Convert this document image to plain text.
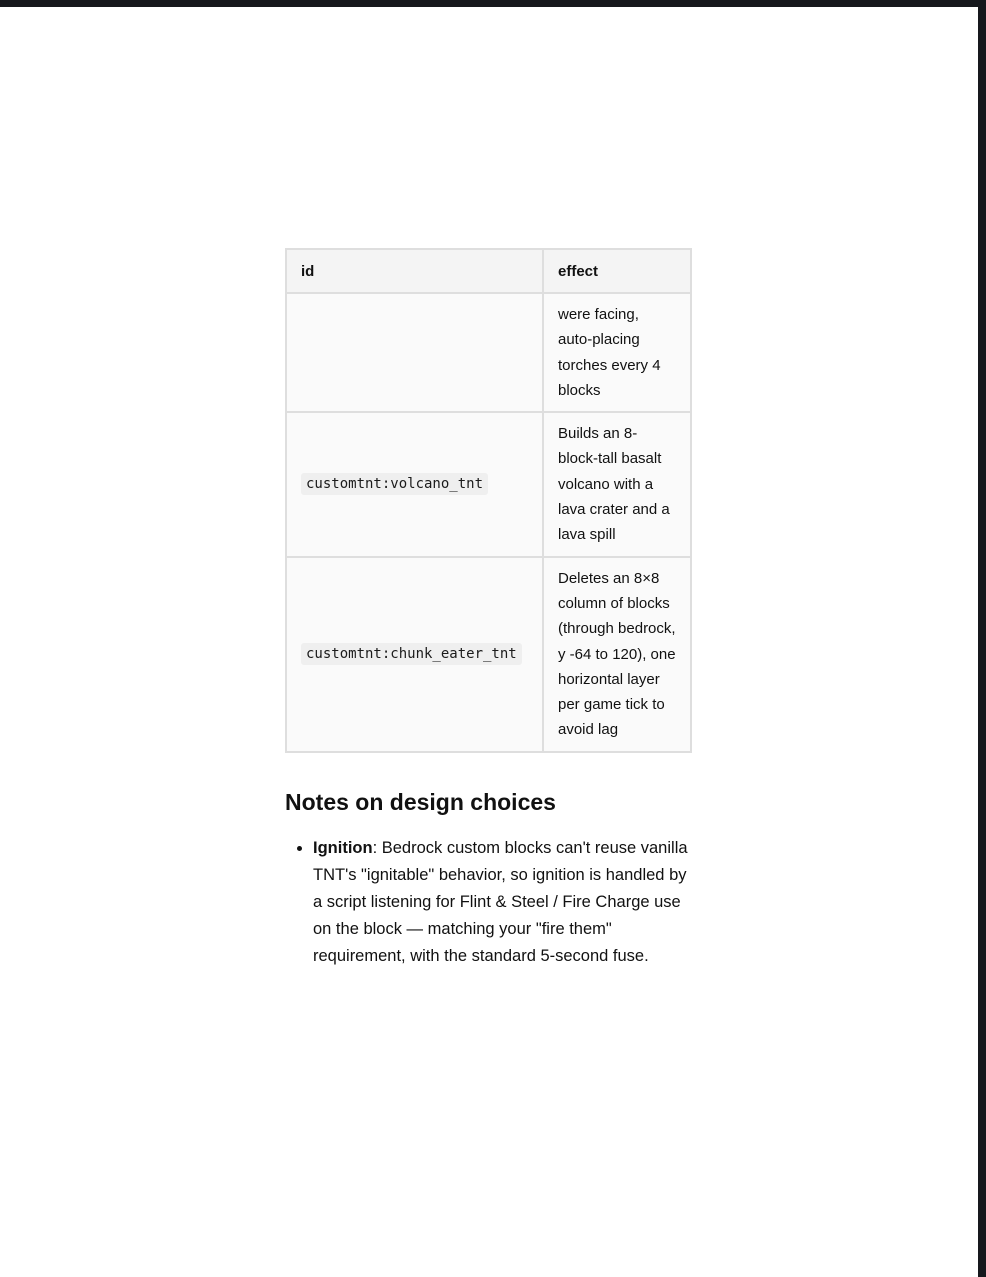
id	effect
	were facing, auto-placing torches every 4 blocks
customtnt:volcano_tnt	Builds an 8-block-tall basalt volcano with a lava crater and a lava spill
customtnt:chunk_eater_tnt	Deletes an 8×8 column of blocks (through bedrock, y -64 to 120), one horizontal layer per game tick to avoid lag
Notes on design choices
• Ignition: Bedrock custom blocks can't reuse vanilla TNT's "ignitable" behavior, so ignition is handled by a script listening for Flint & Steel / Fire Charge use on the block — matching your "fire them" requirement, with the standard 5-second fuse.
